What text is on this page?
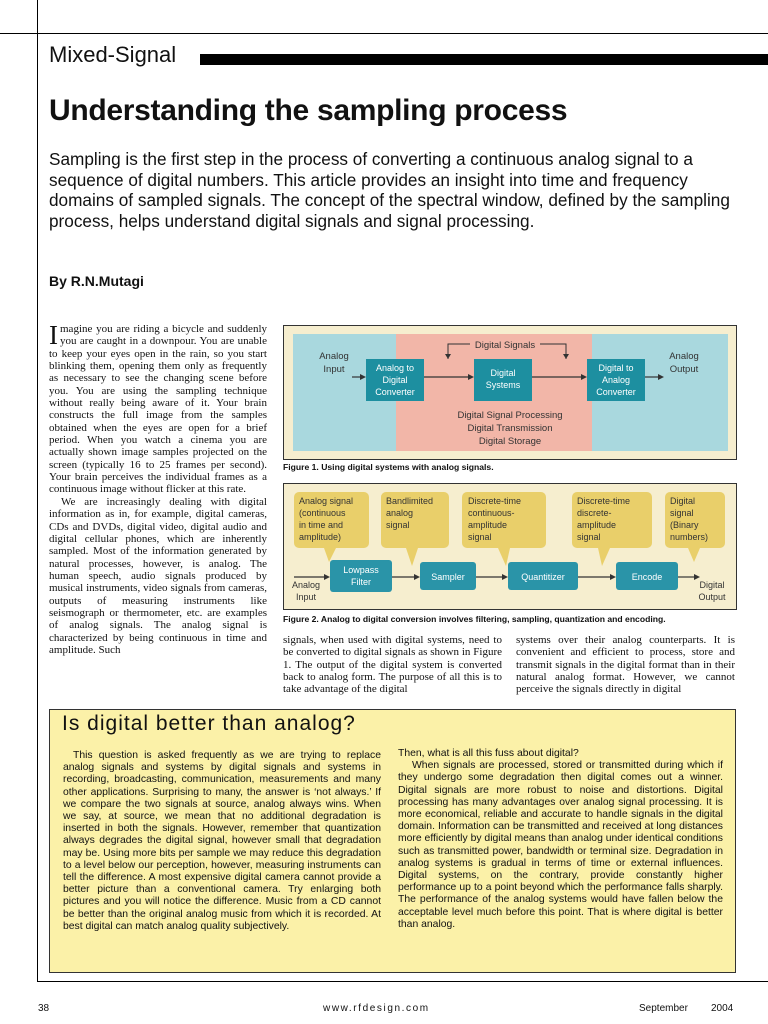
Mixed-Signal
Understanding the sampling process
Sampling is the first step in the process of converting a continuous analog signal to a sequence of digital numbers. This article provides an insight into time and frequency domains of sampled signals. The concept of the spectral window, defined by the sampling process, helps understand digital signals and signal processing.
By R.N.Mutagi

Imagine you are riding a bicycle and suddenly you are caught in a downpour. You are unable to keep your eyes open in the rain, so you start blinking them, opening them only as frequently as necessary to see the changing scene before you. You are using the sampling technique without really being aware of it. Your brain constructs the full image from the samples obtained when the eyes are open for a brief period. When you watch a cinema you are actually shown image samples projected on the screen (typically 16 to 25 frames per second). Your brain perceives the individual frames as a continuous image without flicker at this rate.

We are increasingly dealing with digital information as in, for example, digital cameras, CDs and DVDs, digital video, digital audio and digital cellular phones, which are inherently sampled. Most of the information generated by natural processes, however, is analog. The human speech, audio signals produced by musical instruments, video signals from cameras, outputs of measuring instruments like seismograph or thermometer, etc. are examples of analog signals. The analog signal is characterized by being continuous in time and amplitude. Such

Analog Input	Analog to Digital Converter
Digital Systems
Digital to Analog Converter
Analog Output
Digital Signals
Digital Signal Processing Digital Transmission Digital Storage
Figure 1. Using digital systems with analog signals.
Analog signal (continuous in time and amplitude)
Bandlimited analog signal
Discrete-time continuous-amplitude signal
Discrete-time discrete-amplitude signal
Digital signal (Binary numbers)
Analog Input
Lowpass Filter	Sampler	Quantitizer	Encode
Digital Output
Figure 2. Analog to digital conversion involves filtering, sampling, quantization and encoding.
signals, when used with digital systems, need to be converted to digital signals as shown in Figure 1. The output of the digital system is converted back to analog form. The purpose of all this is to take advantage of the digital
systems over their analog counterparts. It is convenient and efficient to process, store and transmit signals in the digital format than in their natural analog format. However, we cannot perceive the signals directly in digital
Is digital better than analog?
This question is asked frequently as we are trying to replace analog signals and systems by digital signals and systems in recording, broadcasting, communication, measurements and many other applications. Surprising to many, the answer is ‘not always.’ If we compare the two signals at source, analog always wins. When we say, at source, we mean that no additional degradation is inserted in both the signals. However, remember that quantization always degrades the digital signal, however small that degradation may be. Using more bits per sample we may reduce this degradation to a level below our perception, however, measuring instruments can tell the difference. A most expensive digital camera cannot provide a better picture than a conventional camera. Try enlarging both pictures and you will notice the difference. Music from a CD cannot be better than the original analog music from which it is recorded. At best digital can match analog quality subjectively.

Then, what is all this fuss about digital?

When signals are processed, stored or transmitted during which if they undergo some degradation then digital comes out a winner. Digital signals are more robust to noise and distortions. Digital processing has many advantages over analog signal processing. It is more economical, reliable and accurate to handle signals in the digital domain. Information can be transmitted and received at long distances more efficiently by digital means than analog under identical conditions such as transmitted power, bandwidth or terminal size. Degradation in analog systems is gradual in terms of time or external influences. Digital systems, on the contrary, provide constantly higher performance up to a point beyond which the performance falls sharply. The performance of the analog systems would have fallen below the acceptable level much before this point. That is where digital is better than analog.

38	www.rfdesign.com	September 2004
